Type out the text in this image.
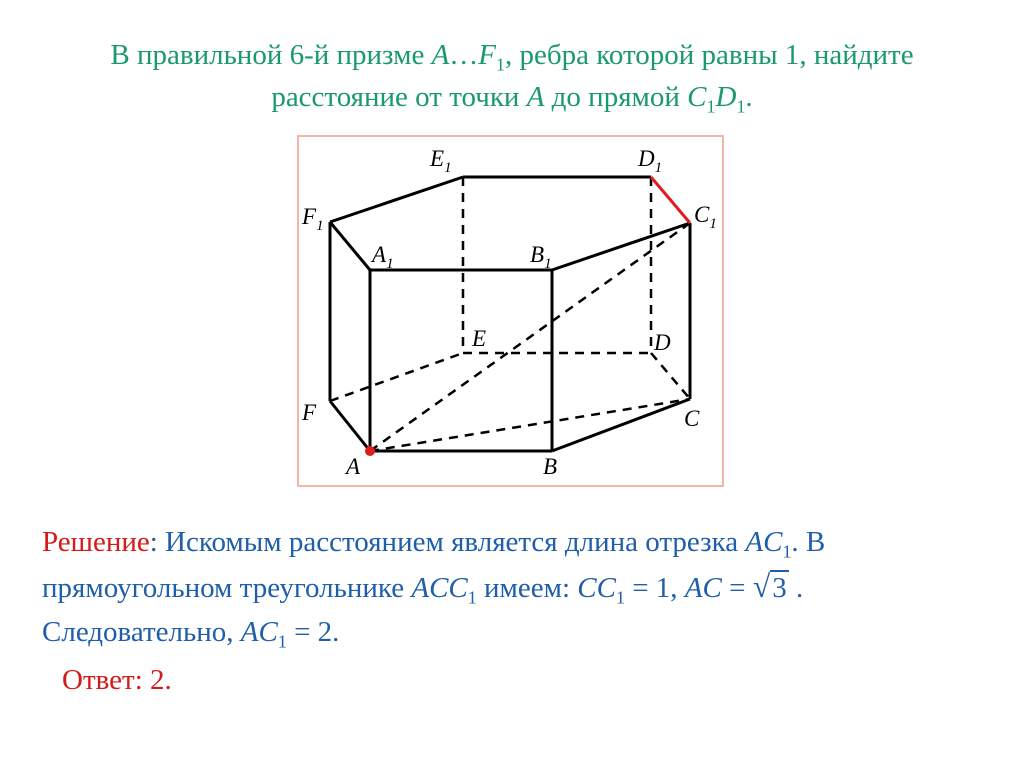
В правильной 6-й призме $A\dots F_1$, ребра которой равны 1, найдите
расстояние от точки A до прямой $C_1D_1$.
$F_1$
$E_1$	$D_1$
$C_1$
$A_1$	$B_1$
E	D
F	C
A	B
Решение: Искомым расстоянием является длина отрезка $AC_1$. В
прямоугольном треугольнике $ACC_1$ имеем: $CC_1 = 1$, AC = √3 .
Следовательно, $AC_1 = 2$.
Ответ: 2.
